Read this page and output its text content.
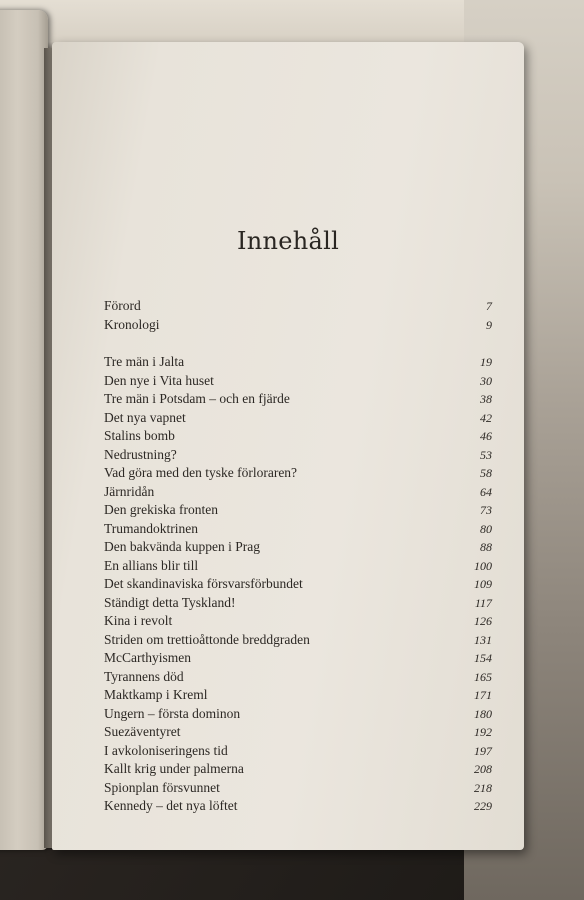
Innehåll
Förord	7
Kronologi	9
Tre män i Jalta	19
Den nye i Vita huset	30
Tre män i Potsdam – och en fjärde	38
Det nya vapnet	42
Stalins bomb	46
Nedrustning?	53
Vad göra med den tyske förloraren?	58
Järnridån	64
Den grekiska fronten	73
Trumandoktrinen	80
Den bakvända kuppen i Prag	88
En allians blir till	100
Det skandinaviska försvarsförbundet	109
Ständigt detta Tyskland!	117
Kina i revolt	126
Striden om trettioåttonde breddgraden	131
McCarthyismen	154
Tyrannens död	165
Maktkamp i Kreml	171
Ungern – första dominon	180
Suezäventyret	192
I avkoloniseringens tid	197
Kallt krig under palmerna	208
Spionplan försvunnet	218
Kennedy – det nya löftet	229
